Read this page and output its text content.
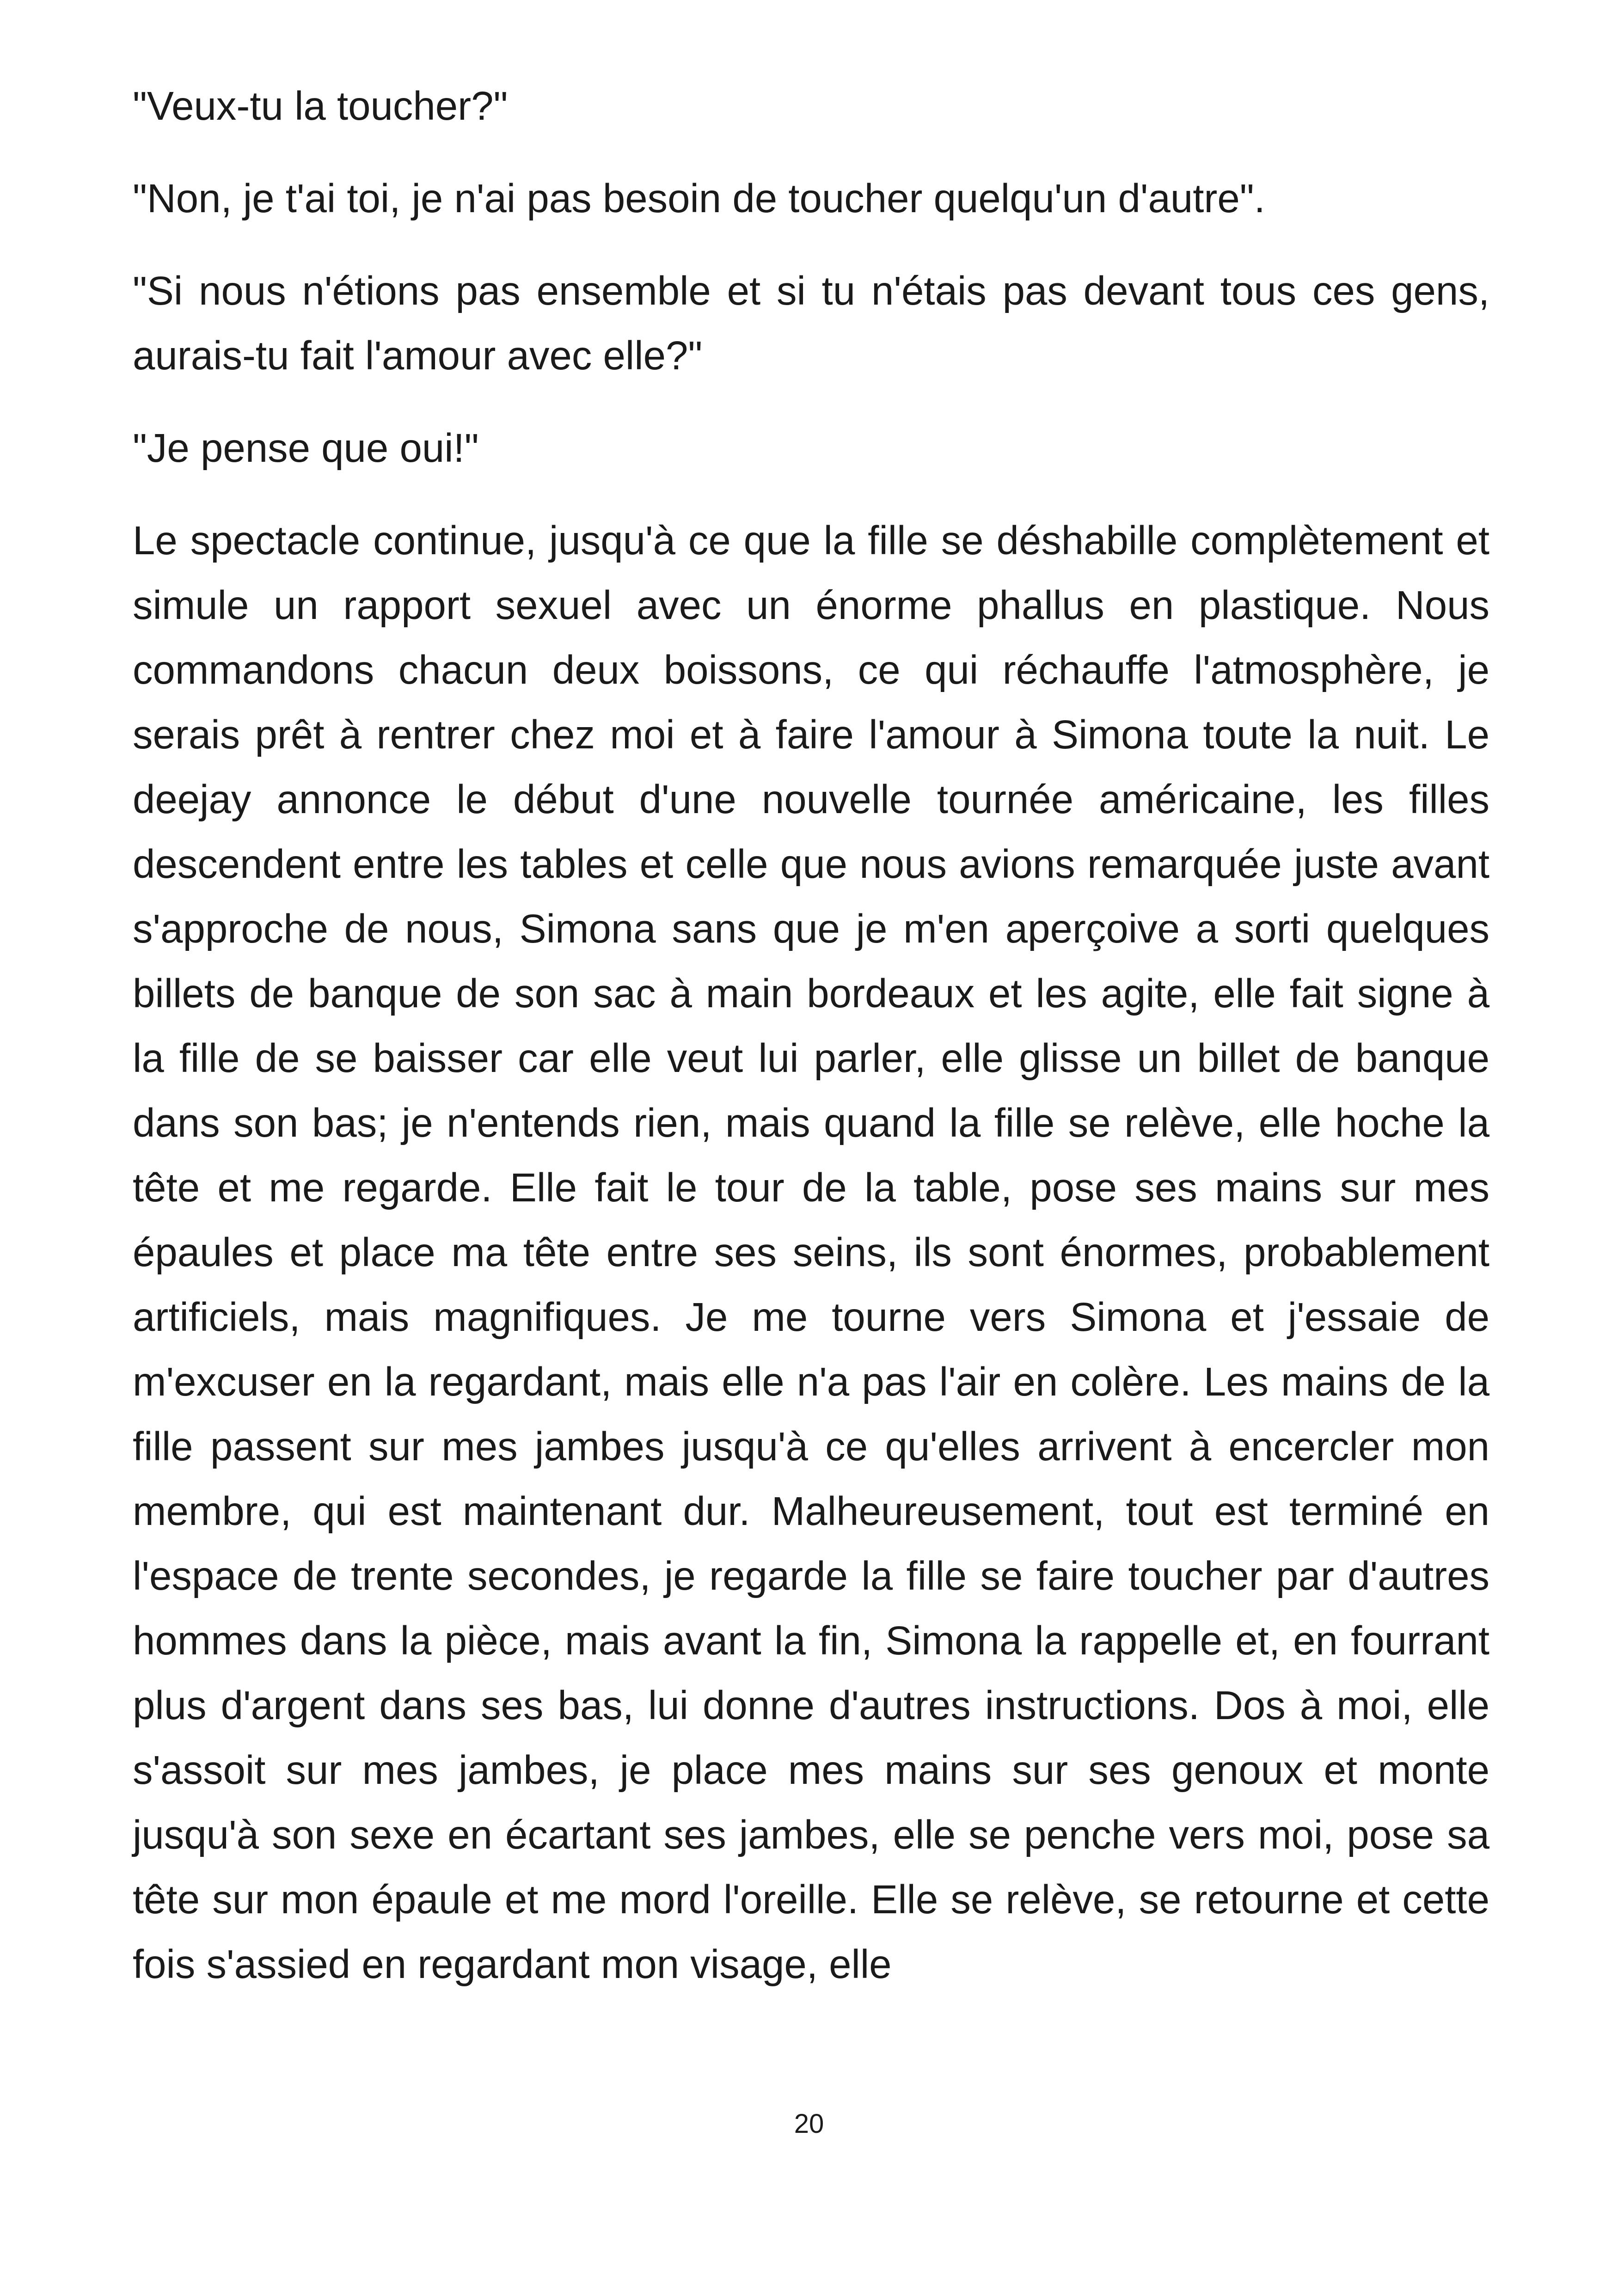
"Veux-tu la toucher?"

"Non, je t'ai toi, je n'ai pas besoin de toucher quelqu'un d'autre".

"Si nous n'étions pas ensemble et si tu n'étais pas devant tous ces gens, aurais-tu fait l'amour avec elle?"

"Je pense que oui!"

Le spectacle continue, jusqu'à ce que la fille se déshabille complètement et simule un rapport sexuel avec un énorme phallus en plastique. Nous commandons chacun deux boissons, ce qui réchauffe l'atmosphère, je serais prêt à rentrer chez moi et à faire l'amour à Simona toute la nuit. Le deejay annonce le début d'une nouvelle tournée américaine, les filles descendent entre les tables et celle que nous avions remarquée juste avant s'approche de nous, Simona sans que je m'en aperçoive a sorti quelques billets de banque de son sac à main bordeaux et les agite, elle fait signe à la fille de se baisser car elle veut lui parler, elle glisse un billet de banque dans son bas; je n'entends rien, mais quand la fille se relève, elle hoche la tête et me regarde. Elle fait le tour de la table, pose ses mains sur mes épaules et place ma tête entre ses seins, ils sont énormes, probablement artificiels, mais magnifiques. Je me tourne vers Simona et j'essaie de m'excuser en la regardant, mais elle n'a pas l'air en colère. Les mains de la fille passent sur mes jambes jusqu'à ce qu'elles arrivent à encercler mon membre, qui est maintenant dur. Malheureusement, tout est terminé en l'espace de trente secondes, je regarde la fille se faire toucher par d'autres hommes dans la pièce, mais avant la fin, Simona la rappelle et, en fourrant plus d'argent dans ses bas, lui donne d'autres instructions. Dos à moi, elle s'assoit sur mes jambes, je place mes mains sur ses genoux et monte jusqu'à son sexe en écartant ses jambes, elle se penche vers moi, pose sa tête sur mon épaule et me mord l'oreille. Elle se relève, se retourne et cette fois s'assied en regardant mon visage, elle

20
